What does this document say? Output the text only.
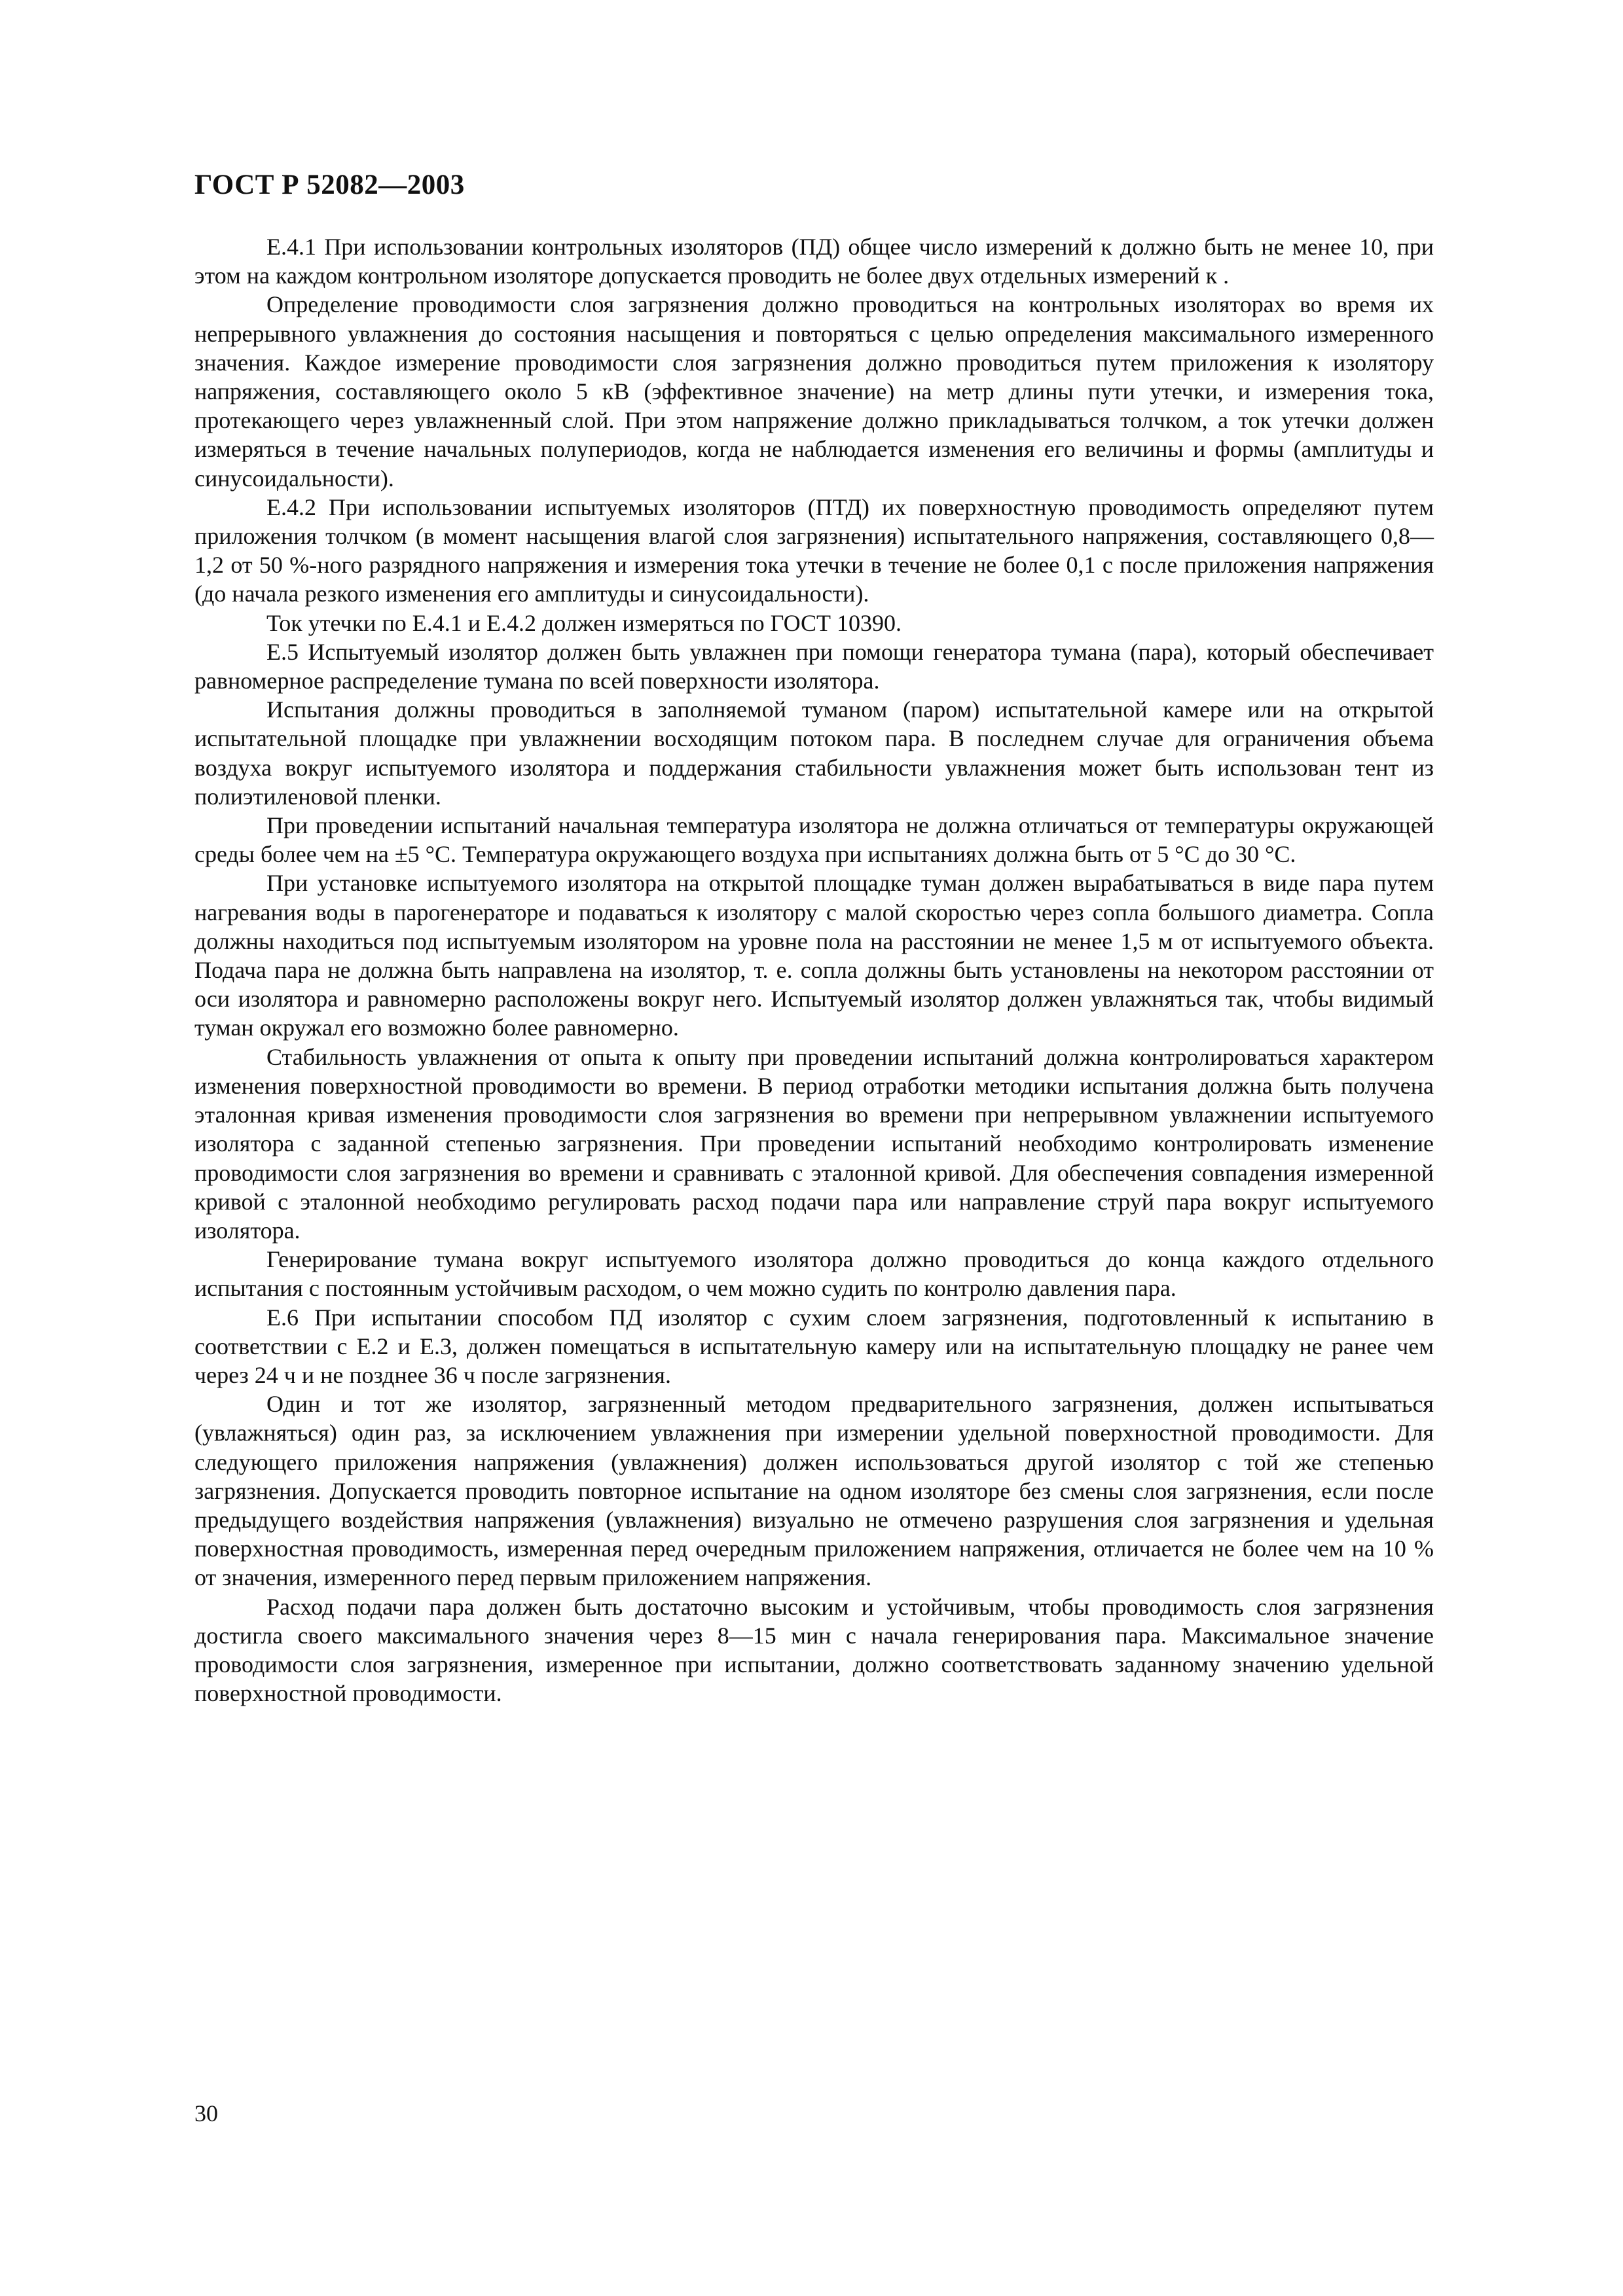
ГОСТ Р 52082—2003

Е.4.1 При использовании контрольных изоляторов (ПД) общее число измерений к должно быть не менее 10, при этом на каждом контрольном изоляторе допускается проводить не более двух отдельных измерений к .

Определение проводимости слоя загрязнения должно проводиться на контрольных изоляторах во время их непрерывного увлажнения до состояния насыщения и повторяться с целью определения максимального измеренного значения. Каждое измерение проводимости слоя загрязнения должно проводиться путем приложения к изолятору напряжения, составляющего около 5 кВ (эффективное значение) на метр длины пути утечки, и измерения тока, протекающего через увлажненный слой. При этом напряжение должно прикладываться толчком, а ток утечки должен измеряться в течение начальных полупериодов, когда не наблюдается изменения его величины и формы (амплитуды и синусоидальности).

Е.4.2 При использовании испытуемых изоляторов (ПТД) их поверхностную проводимость определяют путем приложения толчком (в момент насыщения влагой слоя загрязнения) испытательного напряжения, составляющего 0,8—1,2 от 50 %-ного разрядного напряжения и измерения тока утечки в течение не более 0,1 с после приложения напряжения (до начала резкого изменения его амплитуды и синусоидальности).

Ток утечки по Е.4.1 и Е.4.2 должен измеряться по ГОСТ 10390.

Е.5 Испытуемый изолятор должен быть увлажнен при помощи генератора тумана (пара), который обеспечивает равномерное распределение тумана по всей поверхности изолятора.

Испытания должны проводиться в заполняемой туманом (паром) испытательной камере или на открытой испытательной площадке при увлажнении восходящим потоком пара. В последнем случае для ограничения объема воздуха вокруг испытуемого изолятора и поддержания стабильности увлажнения может быть использован тент из полиэтиленовой пленки.

При проведении испытаний начальная температура изолятора не должна отличаться от температуры окружающей среды более чем на ±5 °С. Температура окружающего воздуха при испытаниях должна быть от 5 °С до 30 °С.

При установке испытуемого изолятора на открытой площадке туман должен вырабатываться в виде пара путем нагревания воды в парогенераторе и подаваться к изолятору с малой скоростью через сопла большого диаметра. Сопла должны находиться под испытуемым изолятором на уровне пола на расстоянии не менее 1,5 м от испытуемого объекта. Подача пара не должна быть направлена на изолятор, т. е. сопла должны быть установлены на некотором расстоянии от оси изолятора и равномерно расположены вокруг него. Испытуемый изолятор должен увлажняться так, чтобы видимый туман окружал его возможно более равномерно.

Стабильность увлажнения от опыта к опыту при проведении испытаний должна контролироваться характером изменения поверхностной проводимости во времени. В период отработки методики испытания должна быть получена эталонная кривая изменения проводимости слоя загрязнения во времени при непрерывном увлажнении испытуемого изолятора с заданной степенью загрязнения. При проведении испытаний необходимо контролировать изменение проводимости слоя загрязнения во времени и сравнивать с эталонной кривой. Для обеспечения совпадения измеренной кривой с эталонной необходимо регулировать расход подачи пара или направление струй пара вокруг испытуемого изолятора.

Генерирование тумана вокруг испытуемого изолятора должно проводиться до конца каждого отдельного испытания с постоянным устойчивым расходом, о чем можно судить по контролю давления пара.

Е.6 При испытании способом ПД изолятор с сухим слоем загрязнения, подготовленный к испытанию в соответствии с Е.2 и Е.3, должен помещаться в испытательную камеру или на испытательную площадку не ранее чем через 24 ч и не позднее 36 ч после загрязнения.

Один и тот же изолятор, загрязненный методом предварительного загрязнения, должен испытываться (увлажняться) один раз, за исключением увлажнения при измерении удельной поверхностной проводимости. Для следующего приложения напряжения (увлажнения) должен использоваться другой изолятор с той же степенью загрязнения. Допускается проводить повторное испытание на одном изоляторе без смены слоя загрязнения, если после предыдущего воздействия напряжения (увлажнения) визуально не отмечено разрушения слоя загрязнения и удельная поверхностная проводимость, измеренная перед очередным приложением напряжения, отличается не более чем на 10 % от значения, измеренного перед первым приложением напряжения.

Расход подачи пара должен быть достаточно высоким и устойчивым, чтобы проводимость слоя загрязнения достигла своего максимального значения через 8—15 мин с начала генерирования пара. Максимальное значение проводимости слоя загрязнения, измеренное при испытании, должно соответствовать заданному значению удельной поверхностной проводимости.

30
